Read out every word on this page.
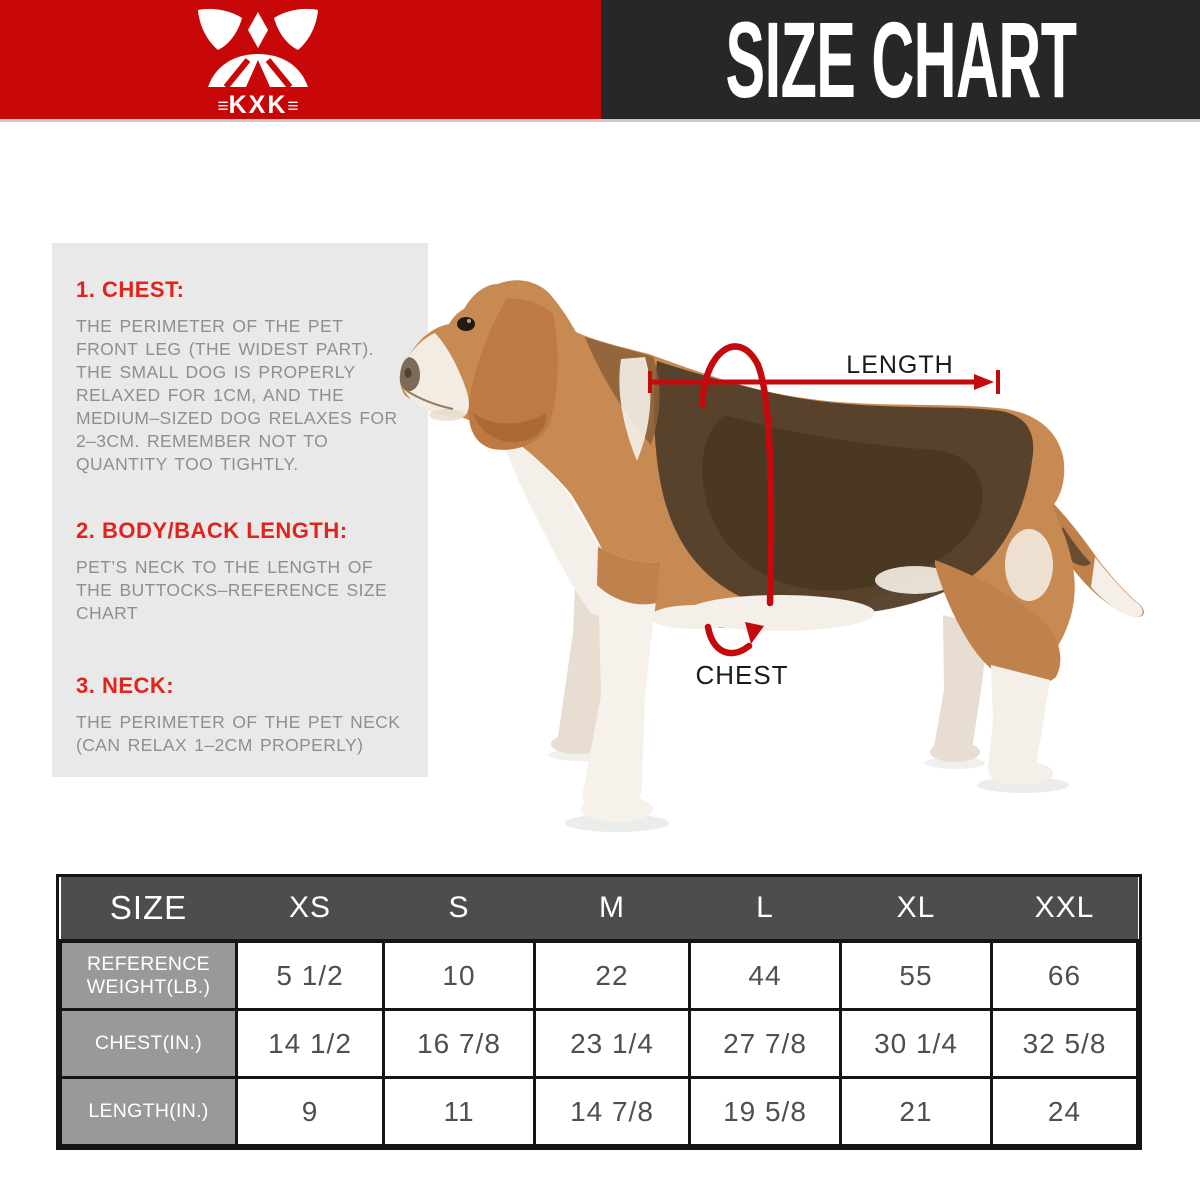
≡KXK≡	SIZE CHART
1. CHEST:

THE PERIMETER OF THE PET FRONT LEG (THE WIDEST PART). THE SMALL DOG IS PROPERLY RELAXED FOR 1CM, AND THE MEDIUM–SIZED DOG RELAXES FOR 2–3CM. REMEMBER NOT TO QUANTITY TOO TIGHTLY.

2. BODY/BACK LENGTH:

PET’S NECK TO THE LENGTH OF THE BUTTOCKS–REFERENCE SIZE CHART

3. NECK:

THE PERIMETER OF THE PET NECK (CAN RELAX 1–2CM PROPERLY)

LENGTH
CHEST
SIZE	XS	S	M	L	XL	XXL
REFERENCE WEIGHT(LB.)	5 1/2	10	22	44	55	66
CHEST(IN.)	14 1/2	16 7/8	23 1/4	27 7/8	30 1/4	32 5/8
LENGTH(IN.)	9	11	14 7/8	19 5/8	21	24
